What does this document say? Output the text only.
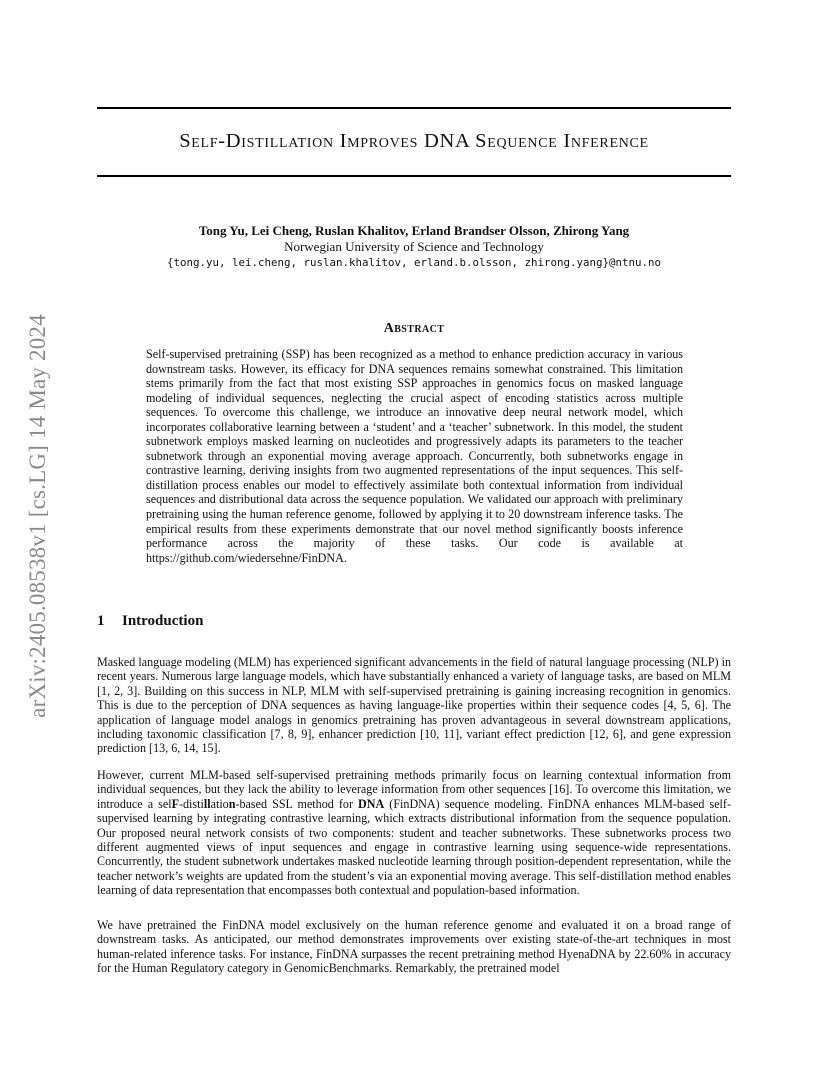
arXiv:2405.08538v1 [cs.LG] 14 May 2024
Self-Distillation Improves DNA Sequence Inference
Tong Yu, Lei Cheng, Ruslan Khalitov, Erland Brandser Olsson, Zhirong Yang
Norwegian University of Science and Technology
{tong.yu, lei.cheng, ruslan.khalitov, erland.b.olsson, zhirong.yang}@ntnu.no
Abstract
Self-supervised pretraining (SSP) has been recognized as a method to enhance prediction accuracy in various downstream tasks. However, its efficacy for DNA sequences remains somewhat constrained. This limitation stems primarily from the fact that most existing SSP approaches in genomics focus on masked language modeling of individual sequences, neglecting the crucial aspect of encoding statistics across multiple sequences. To overcome this challenge, we introduce an innovative deep neural network model, which incorporates collaborative learning between a ‘student’ and a ‘teacher’ subnetwork. In this model, the student subnetwork employs masked learning on nucleotides and progressively adapts its parameters to the teacher subnetwork through an exponential moving average approach. Concurrently, both subnetworks engage in contrastive learning, deriving insights from two augmented representations of the input sequences. This self-distillation process enables our model to effectively assimilate both contextual information from individual sequences and distributional data across the sequence population. We validated our approach with preliminary pretraining using the human reference genome, followed by applying it to 20 downstream inference tasks. The empirical results from these experiments demonstrate that our novel method significantly boosts inference performance across the majority of these tasks. Our code is available at https://github.com/wiedersehne/FinDNA.
1 Introduction

Masked language modeling (MLM) has experienced significant advancements in the field of natural language processing (NLP) in recent years. Numerous large language models, which have substantially enhanced a variety of language tasks, are based on MLM [1, 2, 3]. Building on this success in NLP, MLM with self-supervised pretraining is gaining increasing recognition in genomics. This is due to the perception of DNA sequences as having language-like properties within their sequence codes [4, 5, 6]. The application of language model analogs in genomics pretraining has proven advantageous in several downstream applications, including taxonomic classification [7, 8, 9], enhancer prediction [10, 11], variant effect prediction [12, 6], and gene expression prediction [13, 6, 14, 15].

However, current MLM-based self-supervised pretraining methods primarily focus on learning contextual information from individual sequences, but they lack the ability to leverage information from other sequences [16]. To overcome this limitation, we introduce a selF-distillation-based SSL method for DNA (FinDNA) sequence modeling. FinDNA enhances MLM-based self-supervised learning by integrating contrastive learning, which extracts distributional information from the sequence population. Our proposed neural network consists of two components: student and teacher subnetworks. These subnetworks process two different augmented views of input sequences and engage in contrastive learning using sequence-wide representations. Concurrently, the student subnetwork undertakes masked nucleotide learning through position-dependent representation, while the teacher network’s weights are updated from the student’s via an exponential moving average. This self-distillation method enables learning of data representation that encompasses both contextual and population-based information.

We have pretrained the FinDNA model exclusively on the human reference genome and evaluated it on a broad range of downstream tasks. As anticipated, our method demonstrates improvements over existing state-of-the-art techniques in most human-related inference tasks. For instance, FinDNA surpasses the recent pretraining method HyenaDNA by 22.60% in accuracy for the Human Regulatory category in GenomicBenchmarks. Remarkably, the pretrained model
